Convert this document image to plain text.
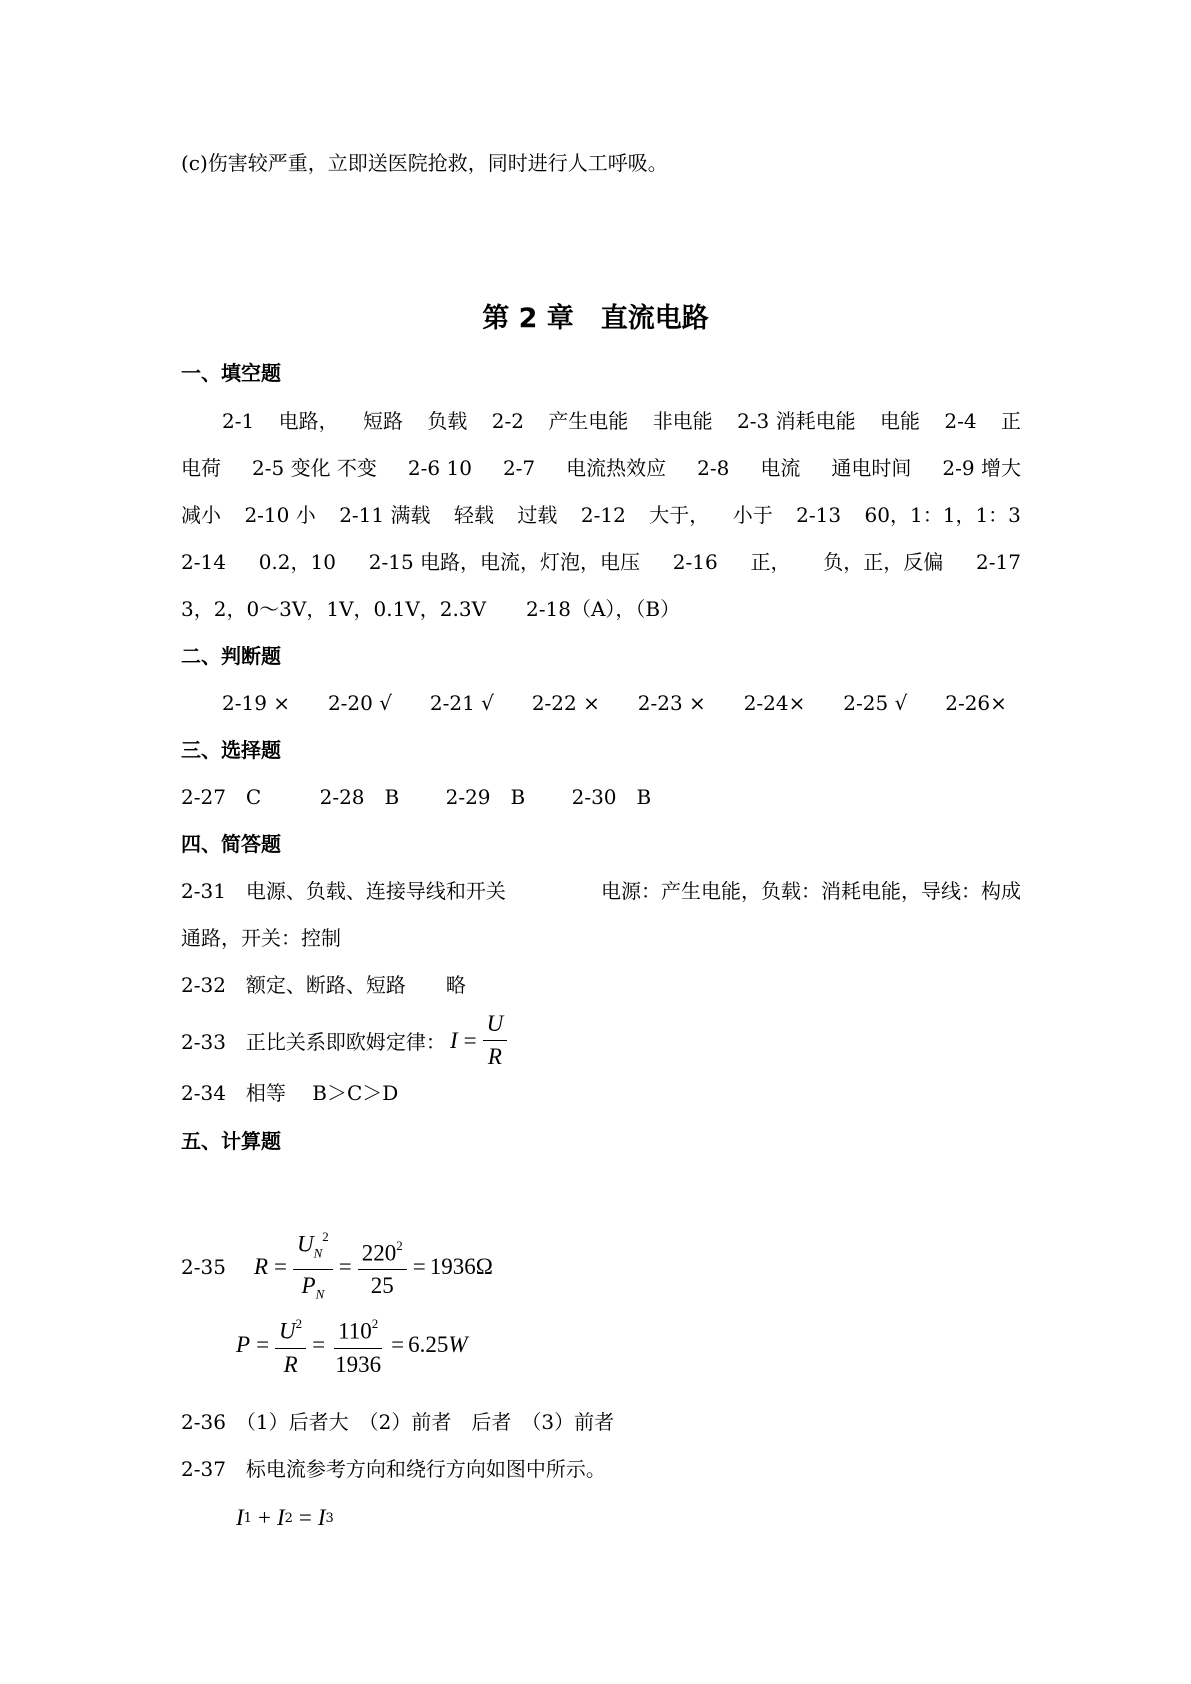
(c)伤害较严重，立即送医院抢救，同时进行人工呼吸。
第 2 章　直流电路
一、填空题
2-1 电路， 短路 负载 2-2 产生电能 非电能 2-3 消耗电能 电能 2-4 正
电荷 2-5 变化 不变 2-6 10 2-7 电流热效应 2-8 电流 通电时间 2-9 增大
减小 2-10 小 2-11 满载 轻载 过载 2-12 大于， 小于 2-13 60，1：1，1：3
2-14 0.2，10 2-15 电路，电流，灯泡，电压 2-16 正， 负，正，反偏 2-17
3，2，0～3V，1V，0.1V，2.3V　　2-18（A），（B）
二、判断题
2-19 × 2-20 √ 2-21 √ 2-22 × 2-23 × 2-24× 2-25 √ 2-26×
三、选择题
2-27　C	2-28　B 2-29　B 2-30　B
四、简答题
2-31　电源、负载、连接导线和开关	电源：产生电能，负载：消耗电能，导线：构成
通路，开关：控制
2-32　额定、断路、短路　　略
2-33　正比关系即欧姆定律： $I = \frac{U}{R}$
2-34　相等　 B＞C＞D
五、计算题
2-35 $R = \frac{U_N^2}{P_N} = \frac{220^2}{25} = 1936\Omega$
$P = \frac{U^2}{R} = \frac{110^2}{1936} = 6.25$ W
2-36　（1）后者大　（2）前者　后者　（3）前者
2-37　标电流参考方向和绕行方向如图中所示。
I 1 + I 2 = I 3
